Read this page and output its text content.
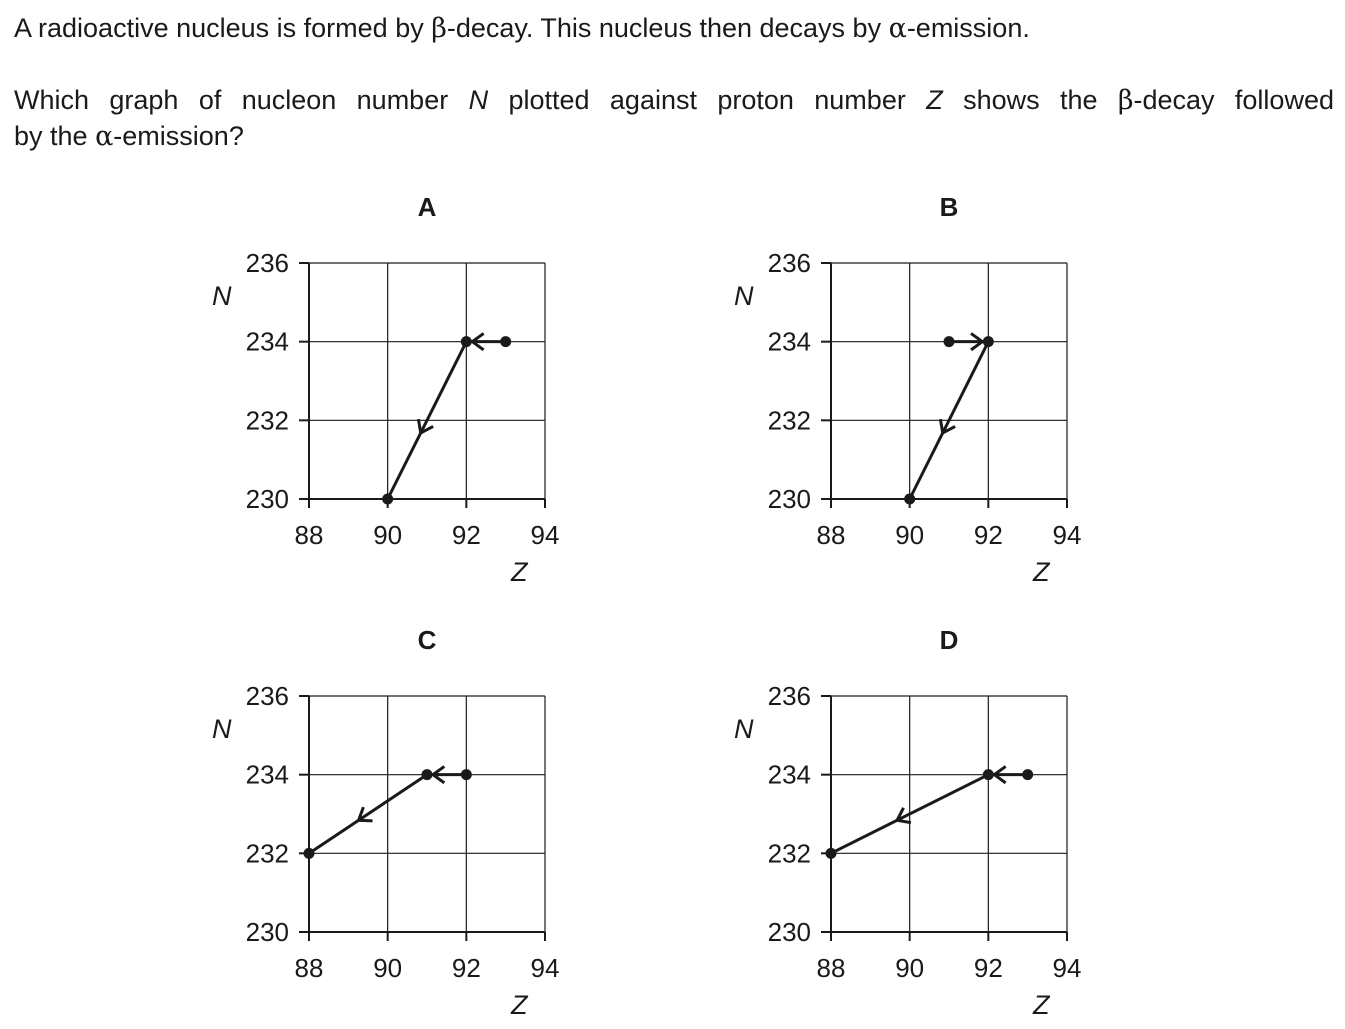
A radioactive nucleus is formed by β-decay. This nucleus then decays by α-emission.

Which graph of nucleon number N plotted against proton number Z shows the β-decay followed

by the α-emission?

A
236
234
232
230
88 90 92 94
N
Z
B
236
234
232
230
88 90 92 94
N
Z
C
236
234
232
230
88 90 92 94
N
Z
D
236
234
232
230
88 90 92 94
N
Z
